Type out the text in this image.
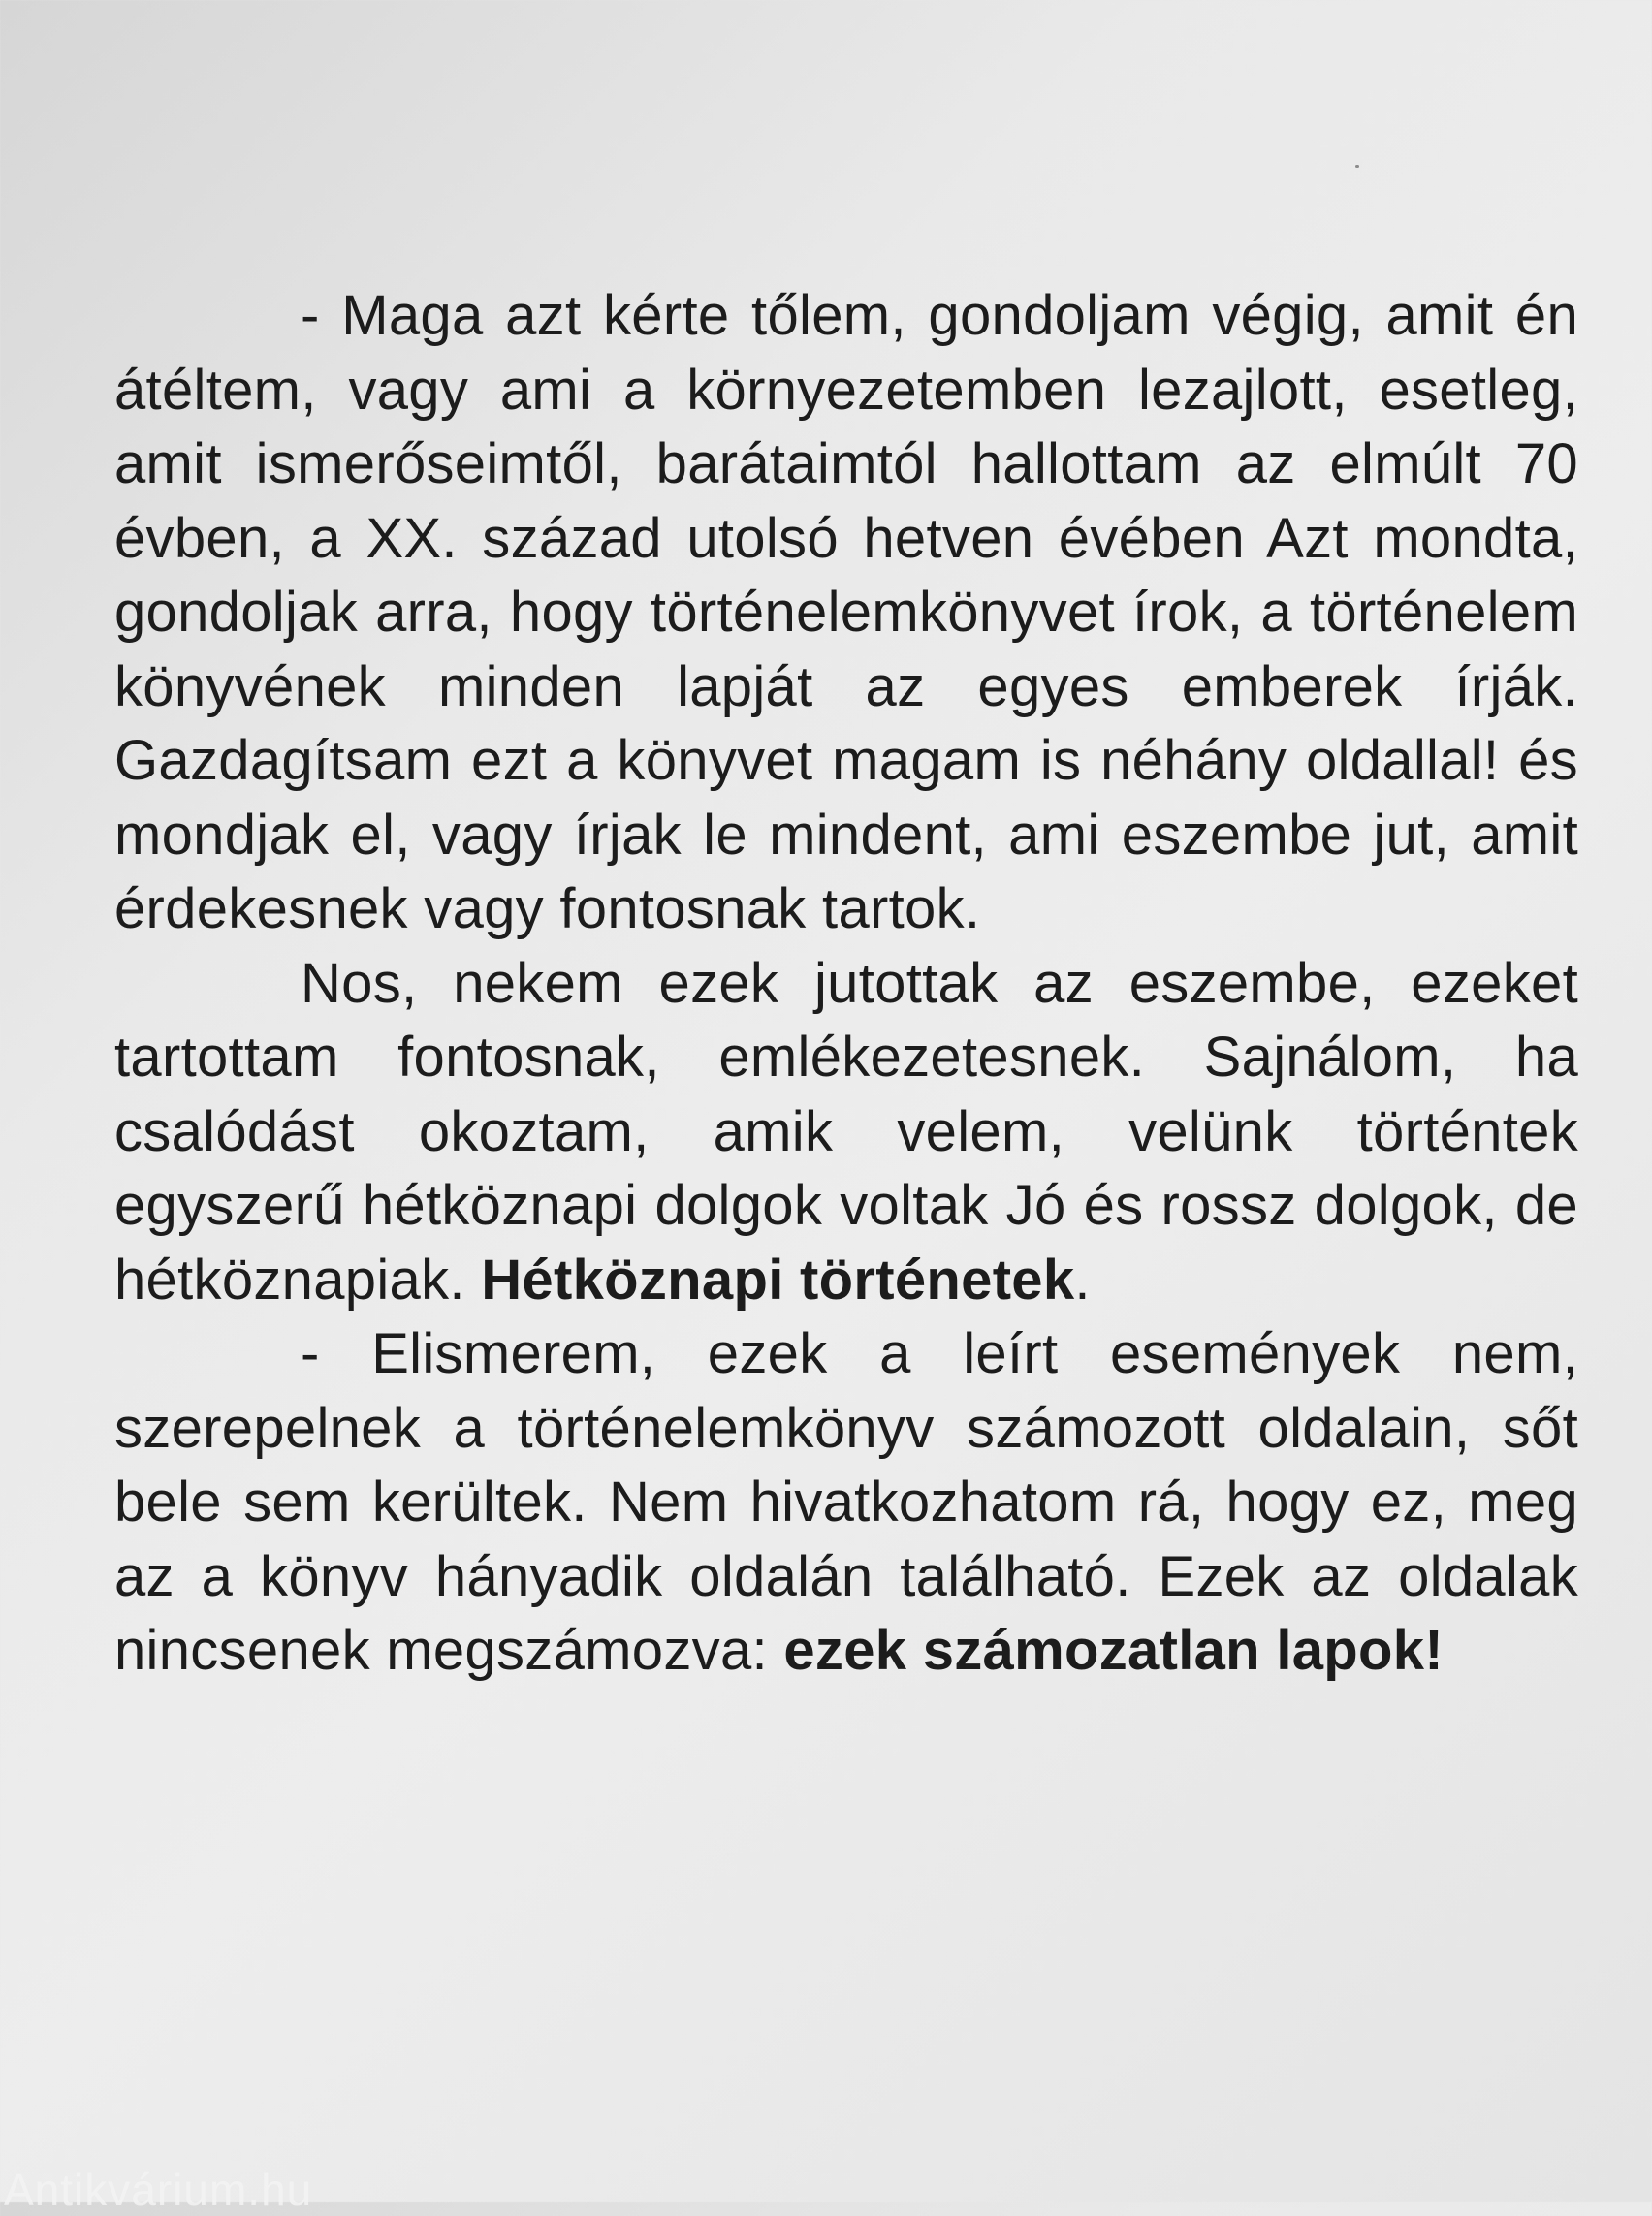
- Maga azt kérte tőlem, gondoljam végig, amit én átéltem, vagy ami a környezetemben lezajlott, esetleg, amit ismerőseimtől, barátaimtól hallottam az elmúlt 70 évben, a XX. század utolsó hetven évében Azt mondta, gondoljak arra, hogy történelemkönyvet írok, a történelem könyvének minden lapját az egyes emberek írják. Gazdagítsam ezt a könyvet magam is néhány oldallal! és mondjak el, vagy írjak le mindent, ami eszembe jut, amit érdekesnek vagy fontosnak tartok.

Nos, nekem ezek jutottak az eszembe, ezeket tartottam fontosnak, emlékezetesnek. Sajnálom, ha csalódást okoztam, amik velem, velünk történtek egyszerű hétköznapi dolgok voltak Jó és rossz dolgok, de hétköznapiak. Hétköznapi történetek.

- Elismerem, ezek a leírt események nem, szerepelnek a történelemkönyv számozott oldalain, sőt bele sem kerültek. Nem hivatkozhatom rá, hogy ez, meg az a könyv hányadik oldalán található. Ezek az oldalak nincsenek megszámozva: ezek számozatlan lapok!

Antikvárium.hu
